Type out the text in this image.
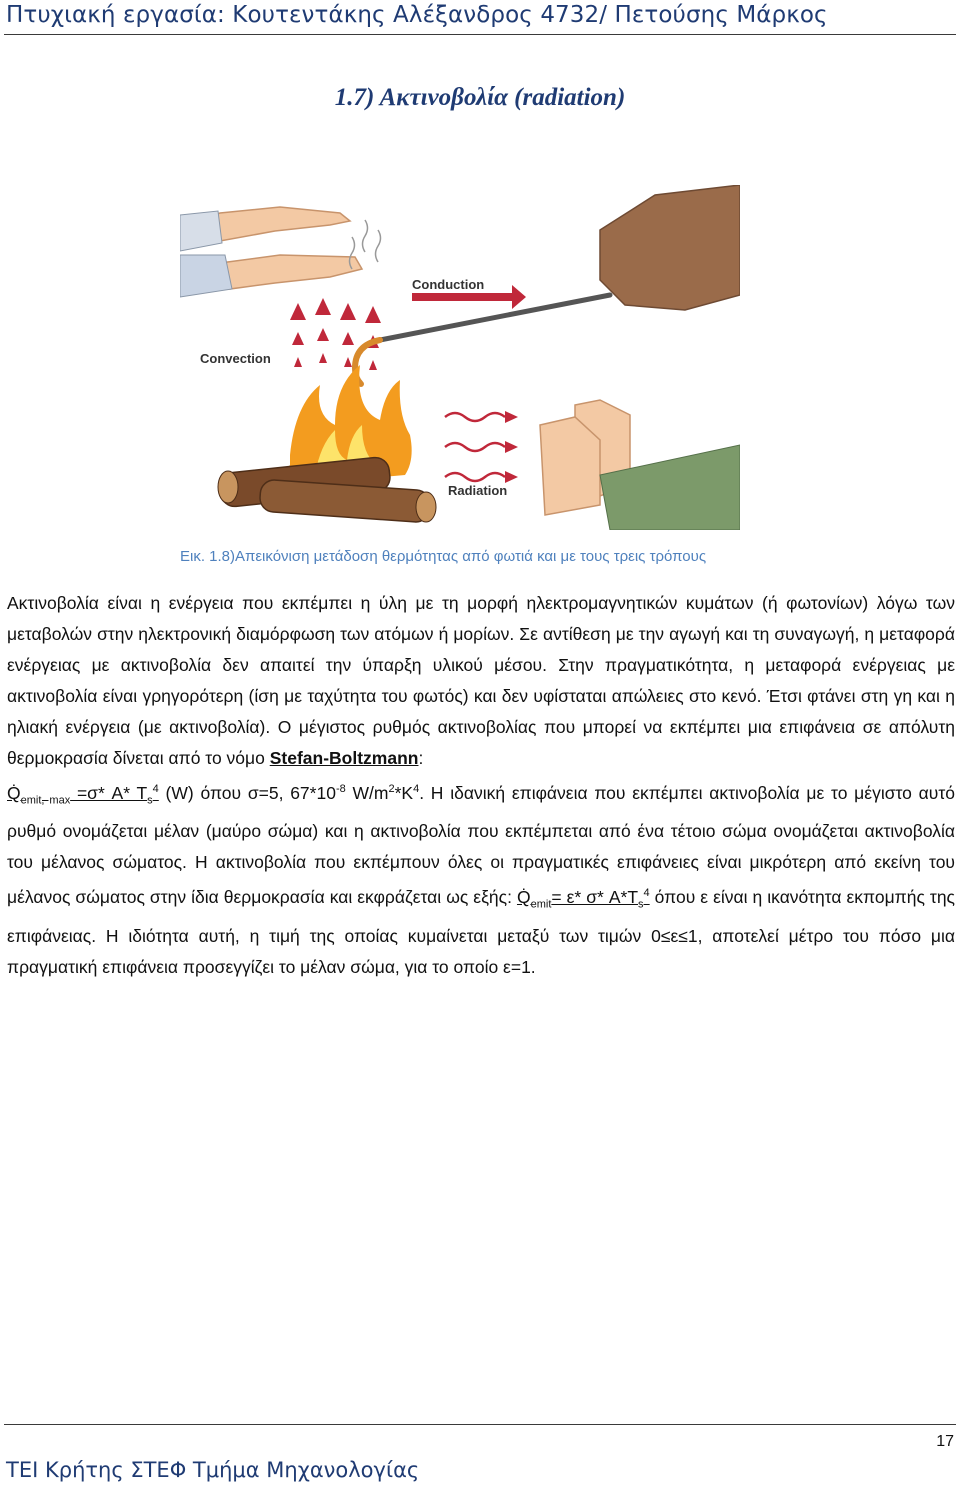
Πτυχιακή εργασία: Κουτεντάκης Αλέξανδρος 4732/ Πετούσης Μάρκος
1.7) Ακτινοβολία (radiation)
Convection
Conduction
Radiation
Εικ. 1.8)Απεικόνιση μετάδοση θερμότητας από φωτιά και με τους τρεις τρόπους

Ακτινοβολία είναι η ενέργεια που εκπέμπει η ύλη με τη μορφή ηλεκτρομαγνητικών κυμάτων (ή φωτονίων) λόγω των μεταβολών στην ηλεκτρονική διαμόρφωση των ατόμων ή μορίων. Σε αντίθεση με την αγωγή και τη συναγωγή, η μεταφορά ενέργειας με ακτινοβολία δεν απαιτεί την ύπαρξη υλικού μέσου. Στην πραγματικότητα, η μεταφορά ενέργειας με ακτινοβολία είναι γρηγορότερη (ίση με ταχύτητα του φωτός) και δεν υφίσταται απώλειες στο κενό. Έτσι φτάνει στη γη και η ηλιακή ενέργεια (με ακτινοβολία). Ο μέγιστος ρυθμός ακτινοβολίας που μπορεί να εκπέμπει μια επιφάνεια σε απόλυτη θερμοκρασία δίνεται από το νόμο Stefan-Boltzmann:
$Q̇_{emit, max} =\sigma*$ A* $T_s^4$ (W) όπου σ=5, $67*10^{-8}$ $W/m^2*K^4$. Η ιδανική επιφάνεια που εκπέμπει ακτινοβολία με το μέγιστο αυτό ρυθμό ονομάζεται μέλαν (μαύρο σώμα) και η ακτινοβολία που εκπέμπεται από ένα τέτοιο σώμα ονομάζεται ακτινοβολία του μέλανος σώματος. Η ακτινοβολία που εκπέμπουν όλες οι πραγματικές επιφάνειες είναι μικρότερη από εκείνη του μέλανος σώματος στην ίδια θερμοκρασία και εκφράζεται ως εξής: $Q̇_{emit}= \varepsilon*$ σ* $A*T_s^4$ όπου ε είναι η ικανότητα εκπομπής της επιφάνειας. Η ιδιότητα αυτή, η τιμή της οποίας κυμαίνεται μεταξύ των τιμών 0≤ε≤1, αποτελεί μέτρο του πόσο μια πραγματική επιφάνεια προσεγγίζει το μέλαν σώμα, για το οποίο ε=1.

17
ΤΕΙ Κρήτης ΣΤΕΦ Τμήμα Μηχανολογίας
